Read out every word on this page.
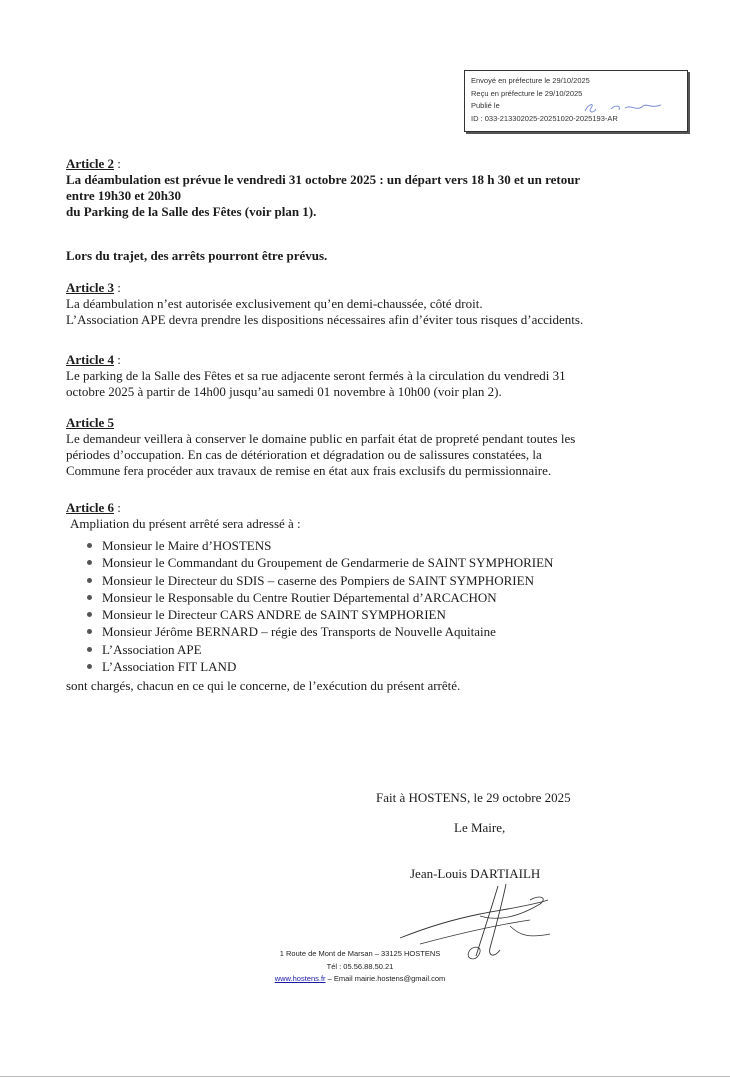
Envoyé en préfecture le 29/10/2025
Reçu en préfecture le 29/10/2025
Publié le
ID : 033-213302025-20251020-2025193-AR

Article 2 :

La déambulation est prévue le vendredi 31 octobre 2025 : un départ vers 18 h 30 et un retour

entre 19h30 et 20h30

du Parking de la Salle des Fêtes (voir plan 1).

Lors du trajet, des arrêts pourront être prévus.

Article 3 :

La déambulation n’est autorisée exclusivement qu’en demi-chaussée, côté droit.

L’Association APE devra prendre les dispositions nécessaires afin d’éviter tous risques d’accidents.

Article 4 :

Le parking de la Salle des Fêtes et sa rue adjacente seront fermés à la circulation du vendredi 31

octobre 2025 à partir de 14h00 jusqu’au samedi 01 novembre à 10h00 (voir plan 2).

Article 5

Le demandeur veillera à conserver le domaine public en parfait état de propreté pendant toutes les

périodes d’occupation. En cas de détérioration et dégradation ou de salissures constatées, la

Commune fera procéder aux travaux de remise en état aux frais exclusifs du permissionnaire.

Article 6 :

Ampliation du présent arrêté sera adressé à :

Monsieur le Maire d’HOSTENS
Monsieur le Commandant du Groupement de Gendarmerie de SAINT SYMPHORIEN
Monsieur le Directeur du SDIS – caserne des Pompiers de SAINT SYMPHORIEN
Monsieur le Responsable du Centre Routier Départemental d’ARCACHON
Monsieur le Directeur CARS ANDRE de SAINT SYMPHORIEN
Monsieur Jérôme BERNARD – régie des Transports de Nouvelle Aquitaine
L’Association APE
L’Association FIT LAND
sont chargés, chacun en ce qui le concerne, de l’exécution du présent arrêté.
Fait à HOSTENS, le 29 octobre 2025
Le Maire,
Jean-Louis DARTIAILH
1 Route de Mont de Marsan – 33125 HOSTENS
Tél : 05.56.88.50.21
www.hostens.fr – Email mairie.hostens@gmail.com
